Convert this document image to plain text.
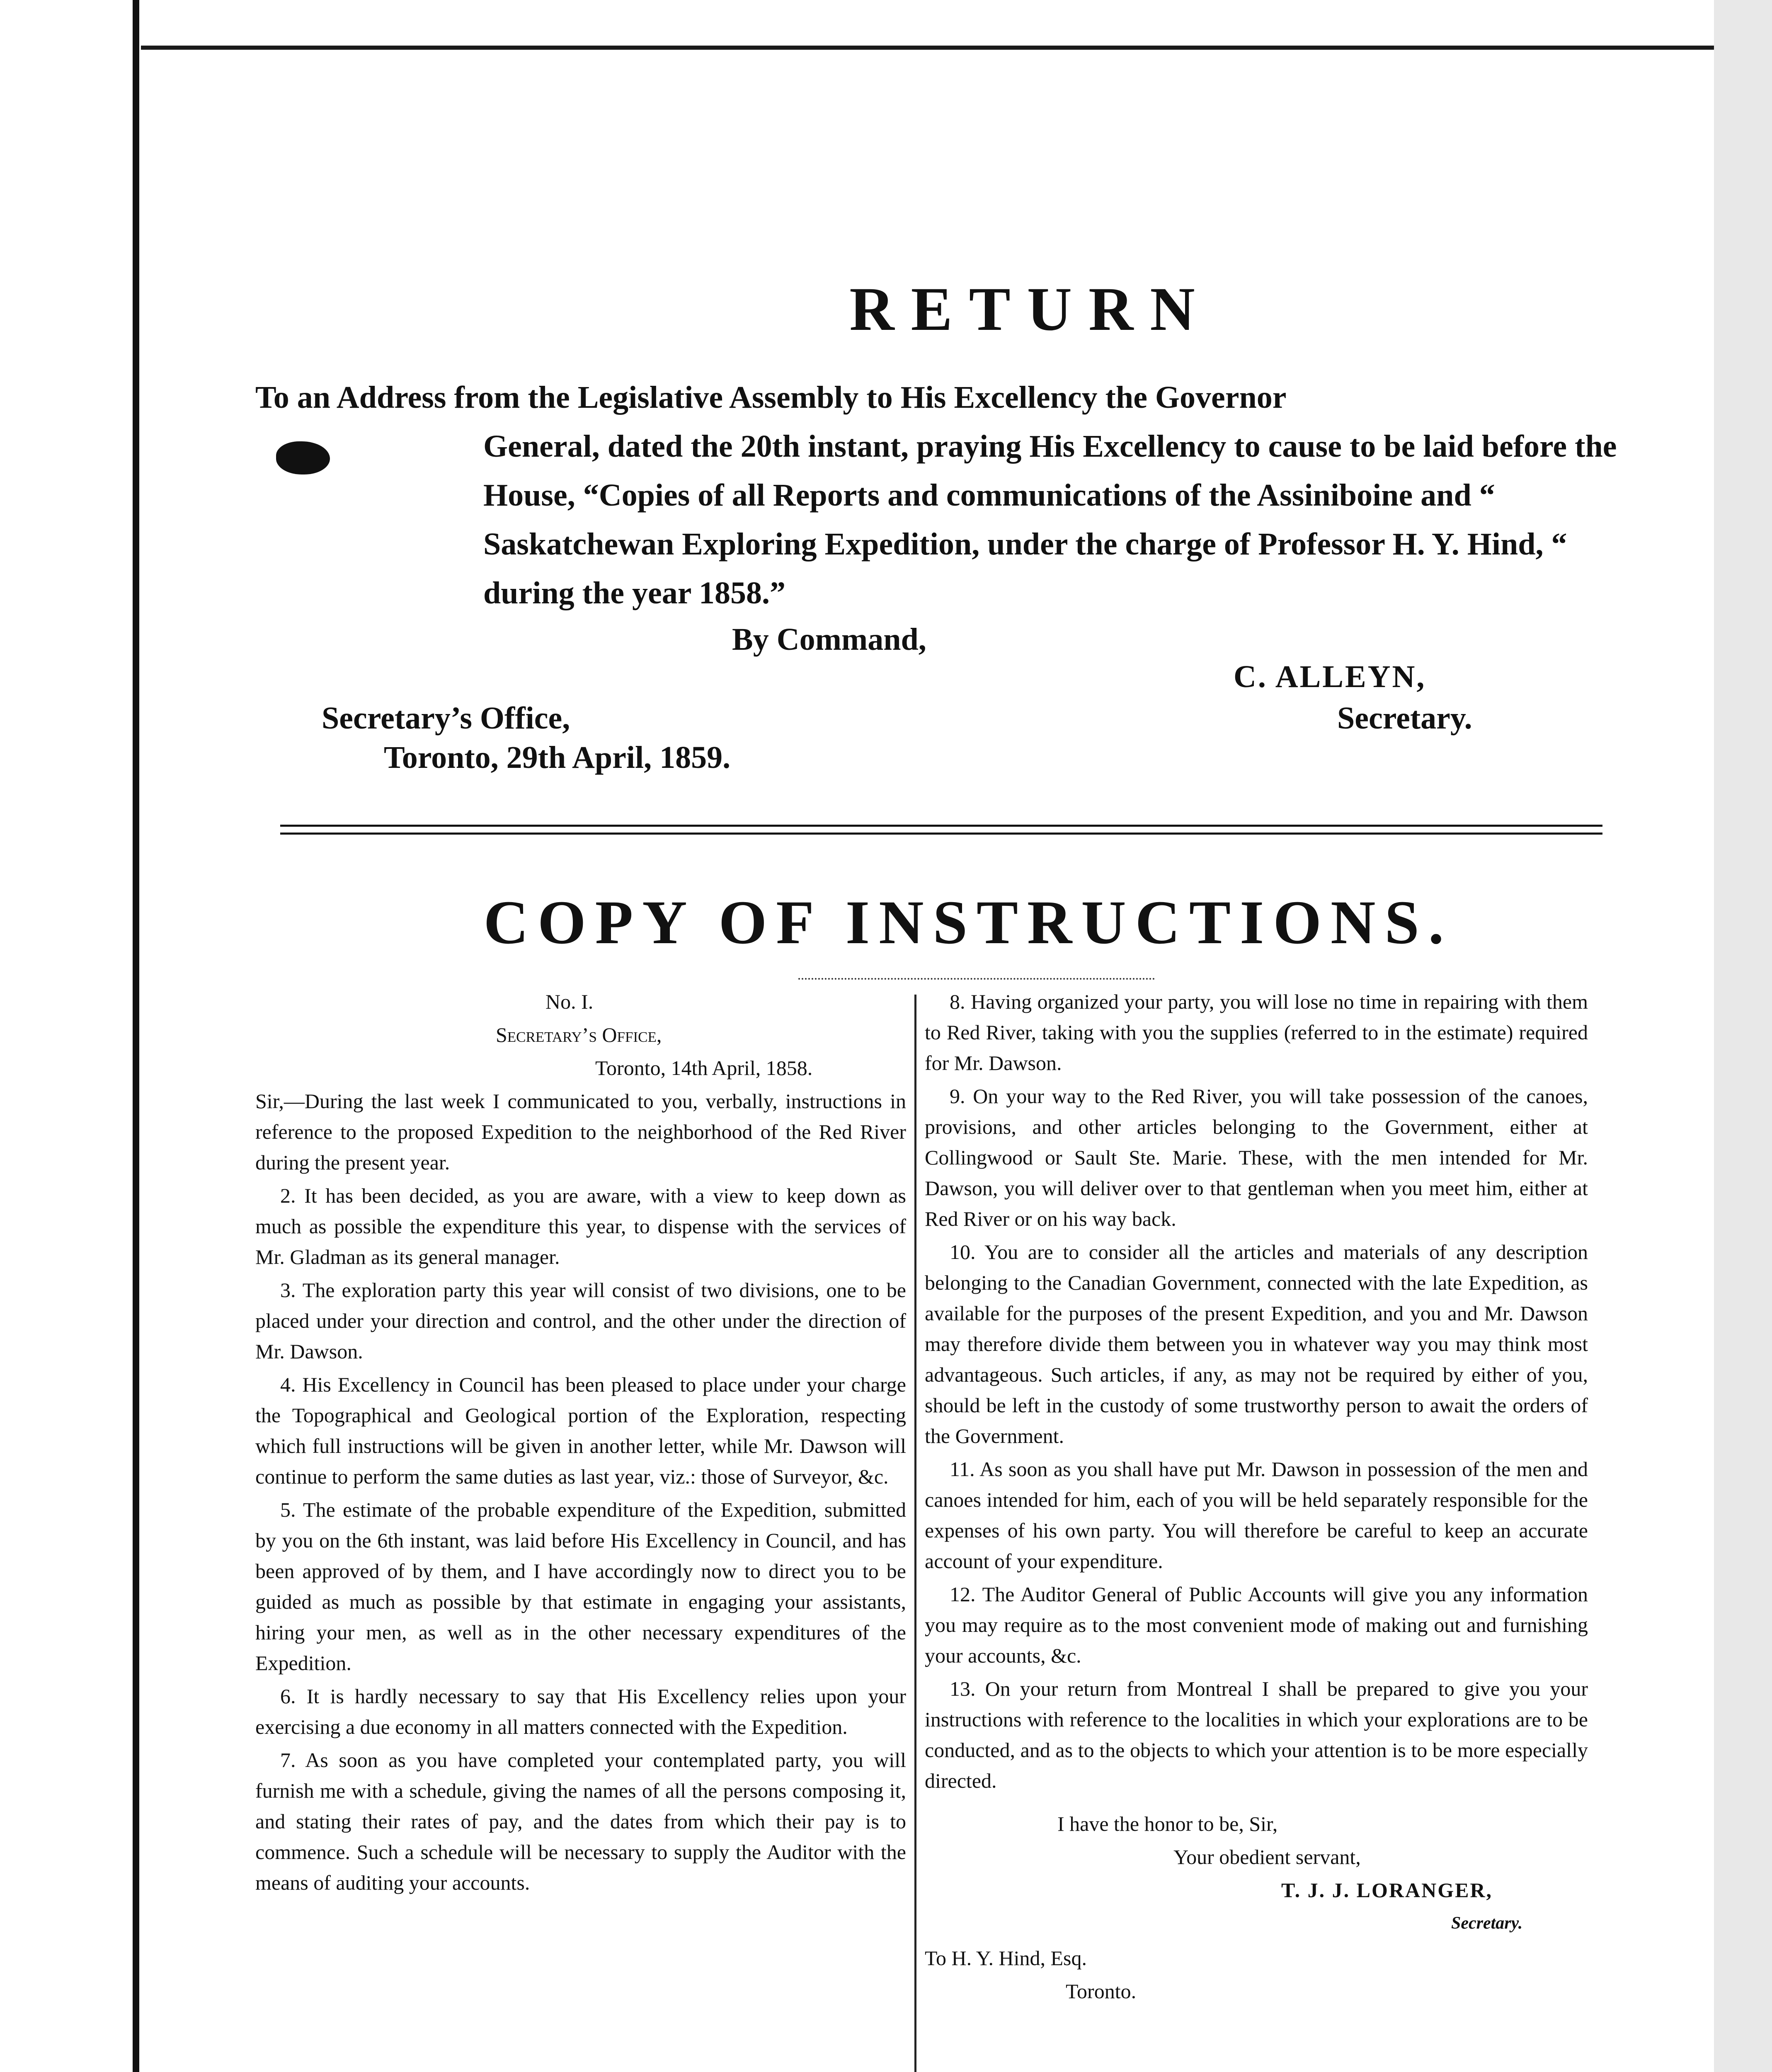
RETURN
To an Address from the Legislative Assembly to His Excellency the Governor
General, dated the 20th instant, praying His Excellency to cause to be laid before the House, “Copies of all Reports and communications of the Assiniboine and “ Saskatchewan Exploring Expedition, under the charge of Professor H. Y. Hind, “ during the year 1858.”
By Command,
C. ALLEYN,
Secretary.
Secretary’s Office,
Toronto, 29th April, 1859.
COPY OF INSTRUCTIONS.

No. I.

Secretary’s Office,

Toronto, 14th April, 1858.

Sir,—During the last week I communicated to you, verbally, instructions in reference to the proposed Expedition to the neighborhood of the Red River during the present year.

2. It has been decided, as you are aware, with a view to keep down as much as possible the expenditure this year, to dispense with the services of Mr. Gladman as its general manager.

3. The exploration party this year will consist of two divisions, one to be placed under your direction and control, and the other under the direction of Mr. Dawson.

4. His Excellency in Council has been pleased to place under your charge the Topographical and Geological portion of the Exploration, respecting which full instructions will be given in another letter, while Mr. Dawson will continue to perform the same duties as last year, viz.: those of Surveyor, &c.

5. The estimate of the probable expenditure of the Expedition, submitted by you on the 6th instant, was laid before His Excellency in Council, and has been approved of by them, and I have accordingly now to direct you to be guided as much as possible by that estimate in engaging your assistants, hiring your men, as well as in the other necessary expenditures of the Expedition.

6. It is hardly necessary to say that His Excellency relies upon your exercising a due economy in all matters connected with the Expedition.

7. As soon as you have completed your contemplated party, you will furnish me with a schedule, giving the names of all the persons composing it, and stating their rates of pay, and the dates from which their pay is to commence. Such a schedule will be necessary to supply the Auditor with the means of auditing your accounts.

8. Having organized your party, you will lose no time in repairing with them to Red River, taking with you the supplies (referred to in the estimate) required for Mr. Dawson.

9. On your way to the Red River, you will take possession of the canoes, provisions, and other articles belonging to the Government, either at Collingwood or Sault Ste. Marie. These, with the men intended for Mr. Dawson, you will deliver over to that gentleman when you meet him, either at Red River or on his way back.

10. You are to consider all the articles and materials of any description belonging to the Canadian Government, connected with the late Expedition, as available for the purposes of the present Expedition, and you and Mr. Dawson may therefore divide them between you in whatever way you may think most advantageous. Such articles, if any, as may not be required by either of you, should be left in the custody of some trustworthy person to await the orders of the Government.

11. As soon as you shall have put Mr. Dawson in possession of the men and canoes intended for him, each of you will be held separately responsible for the expenses of his own party. You will therefore be careful to keep an accurate account of your expenditure.

12. The Auditor General of Public Accounts will give you any information you may require as to the most convenient mode of making out and furnishing your accounts, &c.

13. On your return from Montreal I shall be prepared to give you your instructions with reference to the localities in which your explorations are to be conducted, and as to the objects to which your attention is to be more especially directed.

I have the honor to be, Sir,

Your obedient servant,

T. J. J. LORANGER,

Secretary.

To H. Y. Hind, Esq.

Toronto.
